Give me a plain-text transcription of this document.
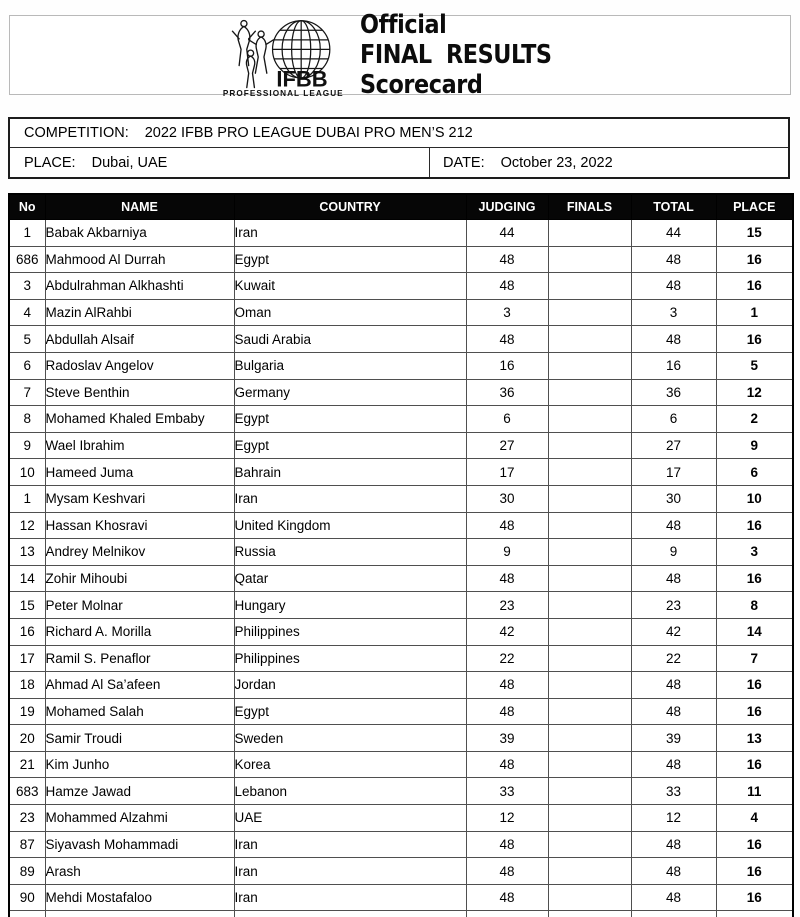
IFBB
PROFESSIONAL LEAGUE
Official
FINAL RESULTS
Scorecard
COMPETITION: 2022 IFBB PRO LEAGUE DUBAI PRO MEN’S 212
PLACE: Dubai, UAE	DATE: October 23, 2022
No	NAME	COUNTRY	JUDGING	FINALS	TOTAL	PLACE
1	Babak Akbarniya	Iran	44		44	15
686	Mahmood Al Durrah	Egypt	48		48	16
3	Abdulrahman Alkhashti	Kuwait	48		48	16
4	Mazin AlRahbi	Oman	3		3	1
5	Abdullah Alsaif	Saudi Arabia	48		48	16
6	Radoslav Angelov	Bulgaria	16		16	5
7	Steve Benthin	Germany	36		36	12
8	Mohamed Khaled Embaby	Egypt	6		6	2
9	Wael Ibrahim	Egypt	27		27	9
10	Hameed Juma	Bahrain	17		17	6
1	Mysam Keshvari	Iran	30		30	10
12	Hassan Khosravi	United Kingdom	48		48	16
13	Andrey Melnikov	Russia	9		9	3
14	Zohir Mihoubi	Qatar	48		48	16
15	Peter Molnar	Hungary	23		23	8
16	Richard A. Morilla	Philippines	42		42	14
17	Ramil S. Penaflor	Philippines	22		22	7
18	Ahmad Al Sa’afeen	Jordan	48		48	16
19	Mohamed Salah	Egypt	48		48	16
20	Samir Troudi	Sweden	39		39	13
21	Kim Junho	Korea	48		48	16
683	Hamze Jawad	Lebanon	33		33	11
23	Mohammed Alzahmi	UAE	12		12	4
87	Siyavash Mohammadi	Iran	48		48	16
89	Arash	Iran	48		48	16
90	Mehdi Mostafaloo	Iran	48		48	16
